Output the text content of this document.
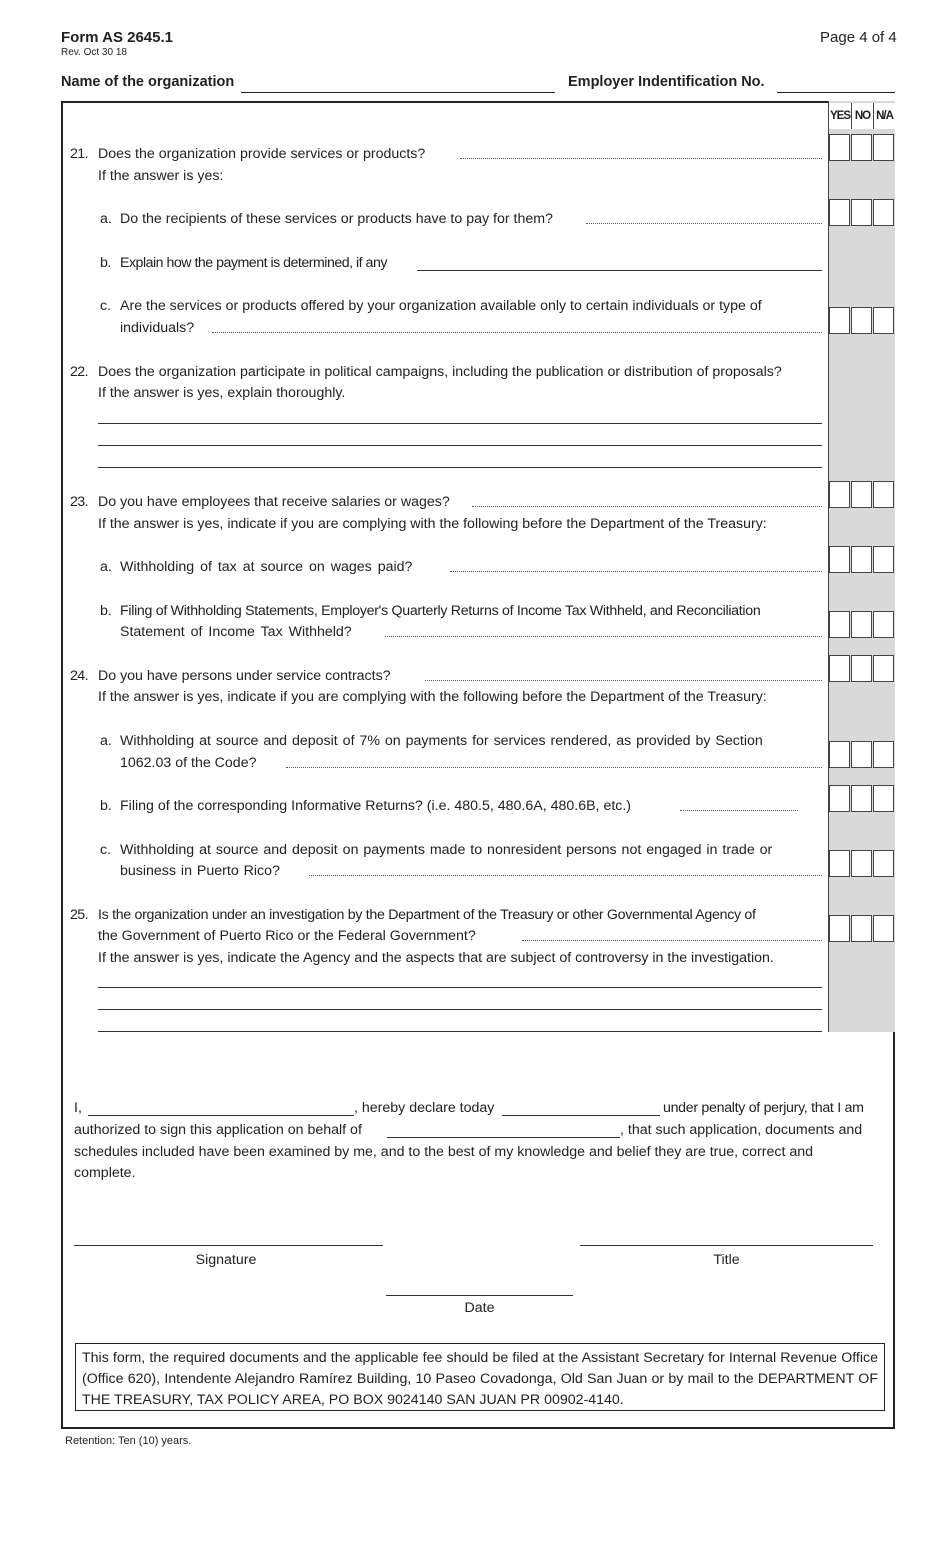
Form AS 2645.1
Rev. Oct 30 18
Page 4 of 4
Name of the organization	Employer Indentification No.
YES NO N/A
21. Does the organization provide services or products?
If the answer is yes:
a. Do the recipients of these services or products have to pay for them?
b. Explain how the payment is determined, if any
c. Are the services or products offered by your organization available only to certain individuals or type of
individuals?
22. Does the organization participate in political campaigns, including the publication or distribution of proposals?
If the answer is yes, explain thoroughly.
23. Do you have employees that receive salaries or wages?
If the answer is yes, indicate if you are complying with the following before the Department of the Treasury:
a. Withholding of tax at source on wages paid?
b. Filing of Withholding Statements, Employer's Quarterly Returns of Income Tax Withheld, and Reconciliation
Statement of Income Tax Withheld?
24. Do you have persons under service contracts?
If the answer is yes, indicate if you are complying with the following before the Department of the Treasury:
a. Withholding at source and deposit of 7% on payments for services rendered, as provided by Section
1062.03 of the Code?
b. Filing of the corresponding Informative Returns? (i.e. 480.5, 480.6A, 480.6B, etc.)
c. Withholding at source and deposit on payments made to nonresident persons not engaged in trade or
business in Puerto Rico?
25. Is the organization under an investigation by the Department of the Treasury or other Governmental Agency of
the Government of Puerto Rico or the Federal Government?
If the answer is yes, indicate the Agency and the aspects that are subject of controversy in the investigation.
I,	, hereby declare today	under penalty of perjury, that I am
authorized to sign this application on behalf of	, that such application, documents and
schedules included have been examined by me, and to the best of my knowledge and belief they are true, correct and
complete.
Signature	Title
Date
This form, the required documents and the applicable fee should be filed at the Assistant Secretary for Internal Revenue Office (Office 620), Intendente Alejandro Ramírez Building, 10 Paseo Covadonga, Old San Juan or by mail to the DEPARTMENT OF THE TREASURY, TAX POLICY AREA, PO BOX 9024140 SAN JUAN PR 00902-4140.
Retention: Ten (10) years.
